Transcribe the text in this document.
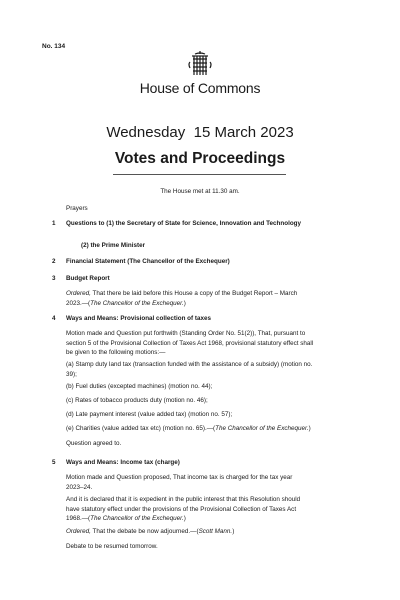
No. 134
House of Commons
Wednesday  15 March 2023
Votes and Proceedings
The House met at 11.30 am.
Prayers
1 Questions to (1) the Secretary of State for Science, Innovation and Technology
(2) the Prime Minister
2 Financial Statement (The Chancellor of the Exchequer)
3 Budget Report
Ordered, That there be laid before this House a copy of the Budget Report – March
2023.—(The Chancellor of the Exchequer.)
4 Ways and Means: Provisional collection of taxes
Motion made and Question put forthwith (Standing Order No. 51(2)), That, pursuant to
section 5 of the Provisional Collection of Taxes Act 1968, provisional statutory effect shall
be given to the following motions:—
(a) Stamp duty land tax (transaction funded with the assistance of a subsidy) (motion no.
39);
(b) Fuel duties (excepted machines) (motion no. 44);
(c) Rates of tobacco products duty (motion no. 46);
(d) Late payment interest (value added tax) (motion no. 57);
(e) Charities (value added tax etc) (motion no. 65).—(The Chancellor of the Exchequer.)
Question agreed to.
5 Ways and Means: Income tax (charge)
Motion made and Question proposed, That income tax is charged for the tax year
2023–24.
And it is declared that it is expedient in the public interest that this Resolution should
have statutory effect under the provisions of the Provisional Collection of Taxes Act
1968.—(The Chancellor of the Exchequer.)
Ordered, That the debate be now adjourned.—(Scott Mann.)
Debate to be resumed tomorrow.
